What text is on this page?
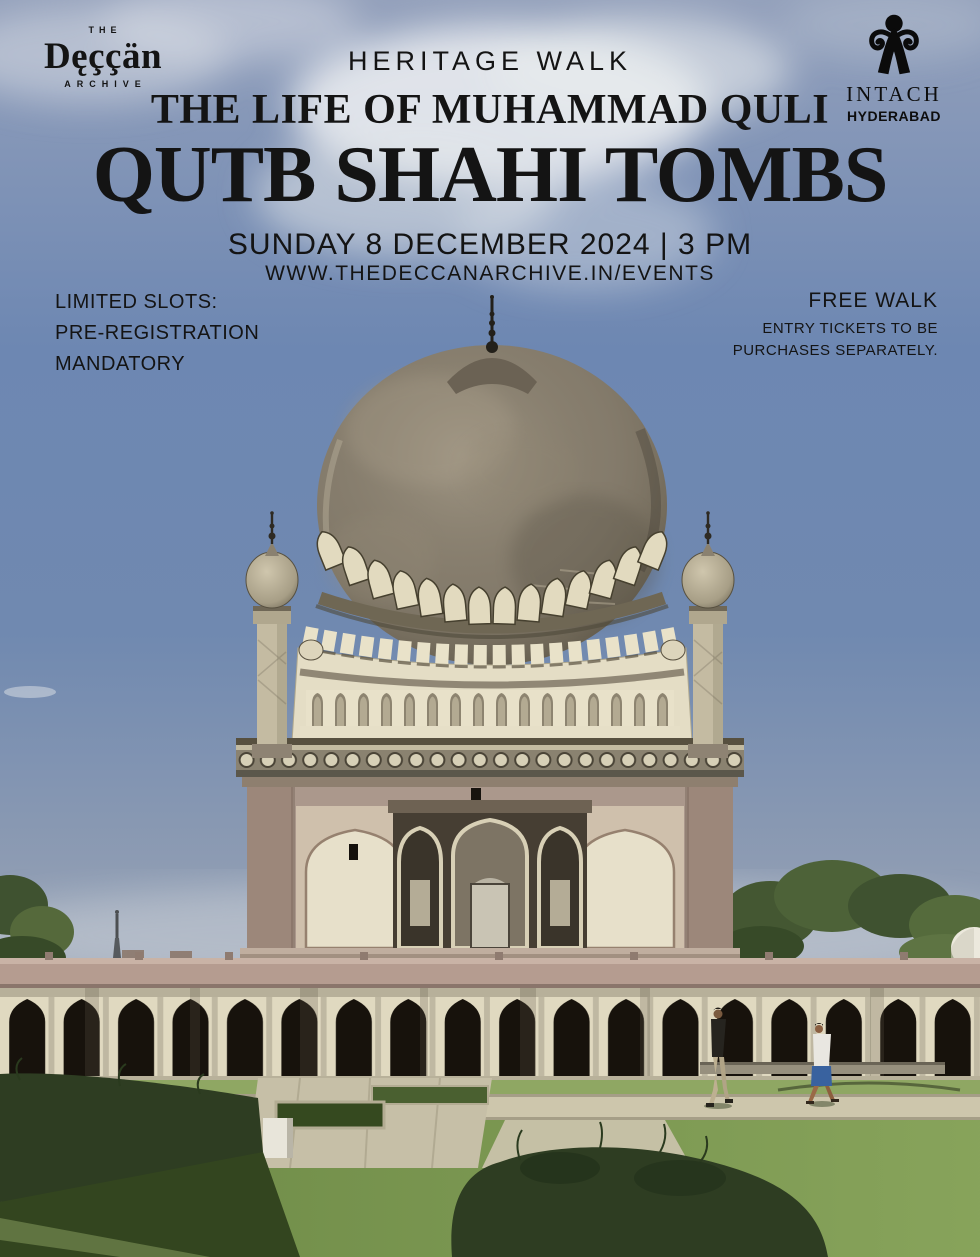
THE
Dęççän
ARCHIVE
HERITAGE WALK
THE LIFE OF MUHAMMAD QULI
QUTB SHAHI TOMBS
SUNDAY 8 DECEMBER 2024 | 3 PM
WWW.THEDECCANARCHIVE.IN/EVENTS
LIMITED SLOTS:
PRE-REGISTRATION
MANDATORY
FREE WALK
ENTRY TICKETS TO BE
PURCHASES SEPARATELY.
INTACH
HYDERABAD
